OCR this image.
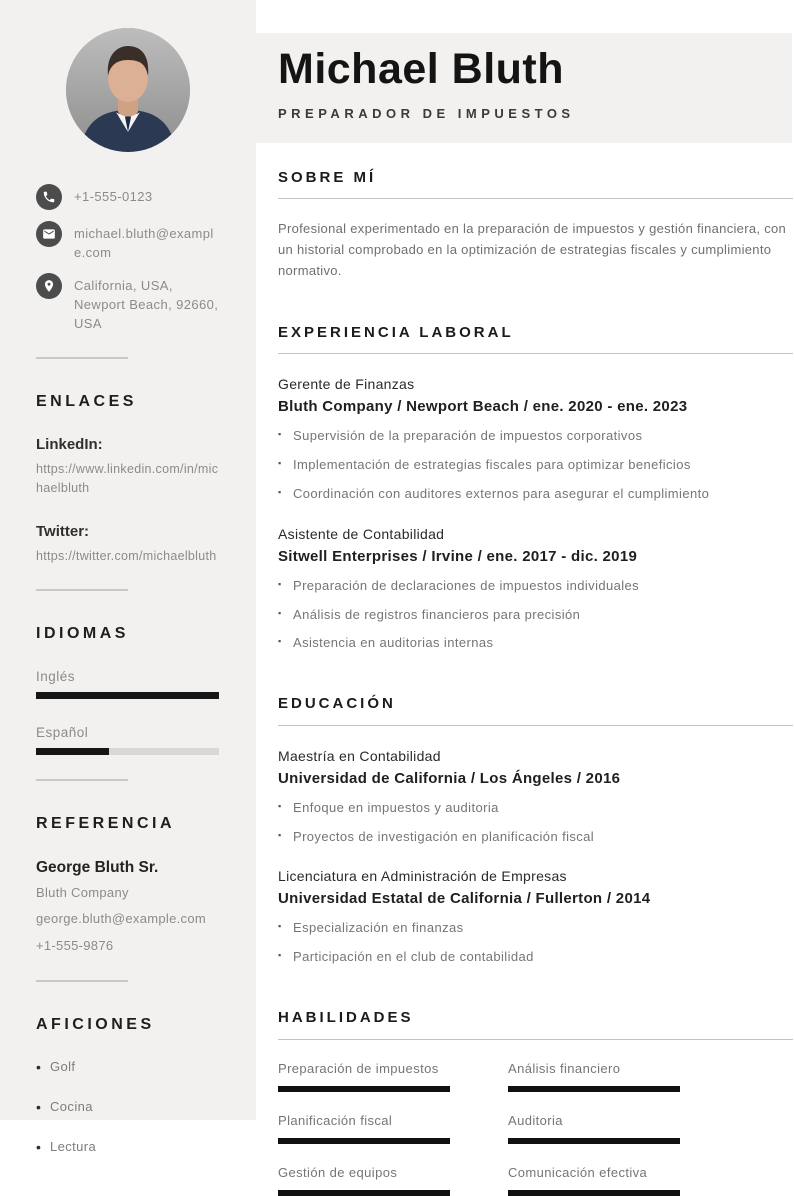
+1-555-0123
michael.bluth@example.com
California, USA, Newport Beach, 92660, USA
ENLACES
LinkedIn:
https://www.linkedin.com/in/michaelbluth
Twitter:
https://twitter.com/michaelbluth
IDIOMAS
Inglés
Español
REFERENCIA
George Bluth Sr.
Bluth Company
george.bluth@example.com
+1-555-9876
AFICIONES
• Golf
• Cocina
• Lectura
Michael Bluth
PREPARADOR DE IMPUESTOS
SOBRE MÍ

Profesional experimentado en la preparación de impuestos y gestión financiera, con un historial comprobado en la optimización de estrategias fiscales y cumplimiento normativo.

EXPERIENCIA LABORAL
Gerente de Finanzas
Bluth Company / Newport Beach / ene. 2020 - ene. 2023
▪ Supervisión de la preparación de impuestos corporativos
▪ Implementación de estrategias fiscales para optimizar beneficios
▪ Coordinación con auditores externos para asegurar el cumplimiento
Asistente de Contabilidad
Sitwell Enterprises / Irvine / ene. 2017 - dic. 2019
▪ Preparación de declaraciones de impuestos individuales
▪ Análisis de registros financieros para precisión
▪ Asistencia en auditorias internas
EDUCACIÓN
Maestría en Contabilidad
Universidad de California / Los Ángeles / 2016
▪ Enfoque en impuestos y auditoria
▪ Proyectos de investigación en planificación fiscal
Licenciatura en Administración de Empresas
Universidad Estatal de California / Fullerton / 2014
▪ Especialización en finanzas
▪ Participación en el club de contabilidad
HABILIDADES
Preparación de impuestos	Análisis financiero
Planificación fiscal	Auditoria
Gestión de equipos	Comunicación efectiva
